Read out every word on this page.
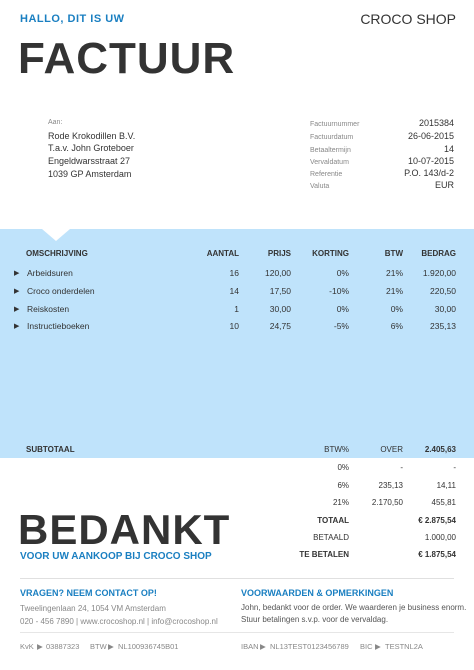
HALLO, DIT IS UW	CROCO SHOP
FACTUUR
Aan:
Rode Krokodillen B.V.
T.a.v. John Groteboer
Engeldwarsstraat 27
1039 GP Amsterdam
Factuurnummer	2015384
Factuurdatum	26-06-2015
Betaaltermijn	14
Vervaldatum	10-07-2015
Referentie	P.O. 143/d-2
Valuta	EUR
OMSCHRIJVING	AANTAL	PRIJS	KORTING	BTW BEDRAG
▶ Arbeidsuren	16	120,00	0%	21% 1.920,00
▶ Croco onderdelen	14	17,50	-10%	21%	220,50
▶ Reiskosten	1	30,00	0%	0%	30,00
▶ Instructieboeken	10	24,75	-5%	6%	235,13
SUBTOTAAL	BTW%	OVER	2.405,63
0%	-	-
6%	235,13	14,11
21%	2.170,50	455,81
TOTAAL	€ 2.875,54
BETAALD	1.000,00
TE BETALEN	€ 1.875,54
BEDANKT
VOOR UW AANKOOP BIJ CROCO SHOP
VRAGEN? NEEM CONTACT OP!
Tweelingenlaan 24, 1054 VM Amsterdam
020 - 456 7890 | www.crocoshop.nl | info@crocoshop.nl
VOORWAARDEN & OPMERKINGEN
John, bedankt voor de order. We waarderen je business enorm.
Stuur betalingen s.v.p. voor de vervaldag.
KvK ▶ 03887323 BTW ▶ NL100936745B01	IBAN ▶ NL13TEST0123456789 BIC ▶ TESTNL2A
